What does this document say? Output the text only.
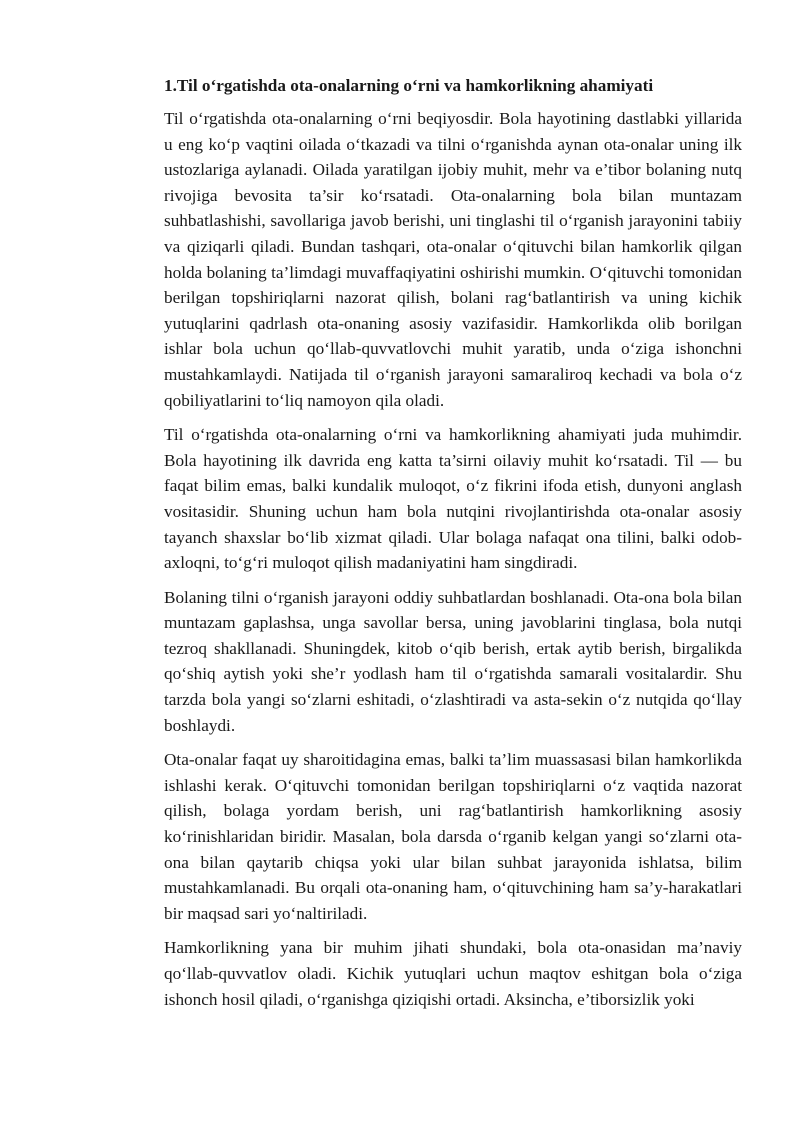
1.Til o‘rgatishda ota-onalarning o‘rni va hamkorlikning ahamiyati

Til o‘rgatishda ota-onalarning o‘rni beqiyosdir. Bola hayotining dastlabki yillarida u eng ko‘p vaqtini oilada o‘tkazadi va tilni o‘rganishda aynan ota-onalar uning ilk ustozlariga aylanadi. Oilada yaratilgan ijobiy muhit, mehr va e’tibor bolaning nutq rivojiga bevosita ta’sir ko‘rsatadi. Ota-onalarning bola bilan muntazam suhbatlashishi, savollariga javob berishi, uni tinglashi til o‘rganish jarayonini tabiiy va qiziqarli qiladi. Bundan tashqari, ota-onalar o‘qituvchi bilan hamkorlik qilgan holda bolaning ta’limdagi muvaffaqiyatini oshirishi mumkin. O‘qituvchi tomonidan berilgan topshiriqlarni nazorat qilish, bolani rag‘batlantirish va uning kichik yutuqlarini qadrlash ota-onaning asosiy vazifasidir. Hamkorlikda olib borilgan ishlar bola uchun qo‘llab-quvvatlovchi muhit yaratib, unda o‘ziga ishonchni mustahkamlaydi. Natijada til o‘rganish jarayoni samaraliroq kechadi va bola o‘z qobiliyatlarini to‘liq namoyon qila oladi.

Til o‘rgatishda ota-onalarning o‘rni va hamkorlikning ahamiyati juda muhimdir. Bola hayotining ilk davrida eng katta ta’sirni oilaviy muhit ko‘rsatadi. Til — bu faqat bilim emas, balki kundalik muloqot, o‘z fikrini ifoda etish, dunyoni anglash vositasidir. Shuning uchun ham bola nutqini rivojlantirishda ota-onalar asosiy tayanch shaxslar bo‘lib xizmat qiladi. Ular bolaga nafaqat ona tilini, balki odob-axloqni, to‘g‘ri muloqot qilish madaniyatini ham singdiradi.

Bolaning tilni o‘rganish jarayoni oddiy suhbatlardan boshlanadi. Ota-ona bola bilan muntazam gaplashsa, unga savollar bersa, uning javoblarini tinglasa, bola nutqi tezroq shakllanadi. Shuningdek, kitob o‘qib berish, ertak aytib berish, birgalikda qo‘shiq aytish yoki she’r yodlash ham til o‘rgatishda samarali vositalardir. Shu tarzda bola yangi so‘zlarni eshitadi, o‘zlashtiradi va asta-sekin o‘z nutqida qo‘llay boshlaydi.

Ota-onalar faqat uy sharoitidagina emas, balki ta’lim muassasasi bilan hamkorlikda ishlashi kerak. O‘qituvchi tomonidan berilgan topshiriqlarni o‘z vaqtida nazorat qilish, bolaga yordam berish, uni rag‘batlantirish hamkorlikning asosiy ko‘rinishlaridan biridir. Masalan, bola darsda o‘rganib kelgan yangi so‘zlarni ota-ona bilan qaytarib chiqsa yoki ular bilan suhbat jarayonida ishlatsa, bilim mustahkamlanadi. Bu orqali ota-onaning ham, o‘qituvchining ham sa’y-harakatlari bir maqsad sari yo‘naltiriladi.

Hamkorlikning yana bir muhim jihati shundaki, bola ota-onasidan ma’naviy qo‘llab-quvvatlov oladi. Kichik yutuqlari uchun maqtov eshitgan bola o‘ziga ishonch hosil qiladi, o‘rganishga qiziqishi ortadi. Aksincha, e’tiborsizlik yoki
